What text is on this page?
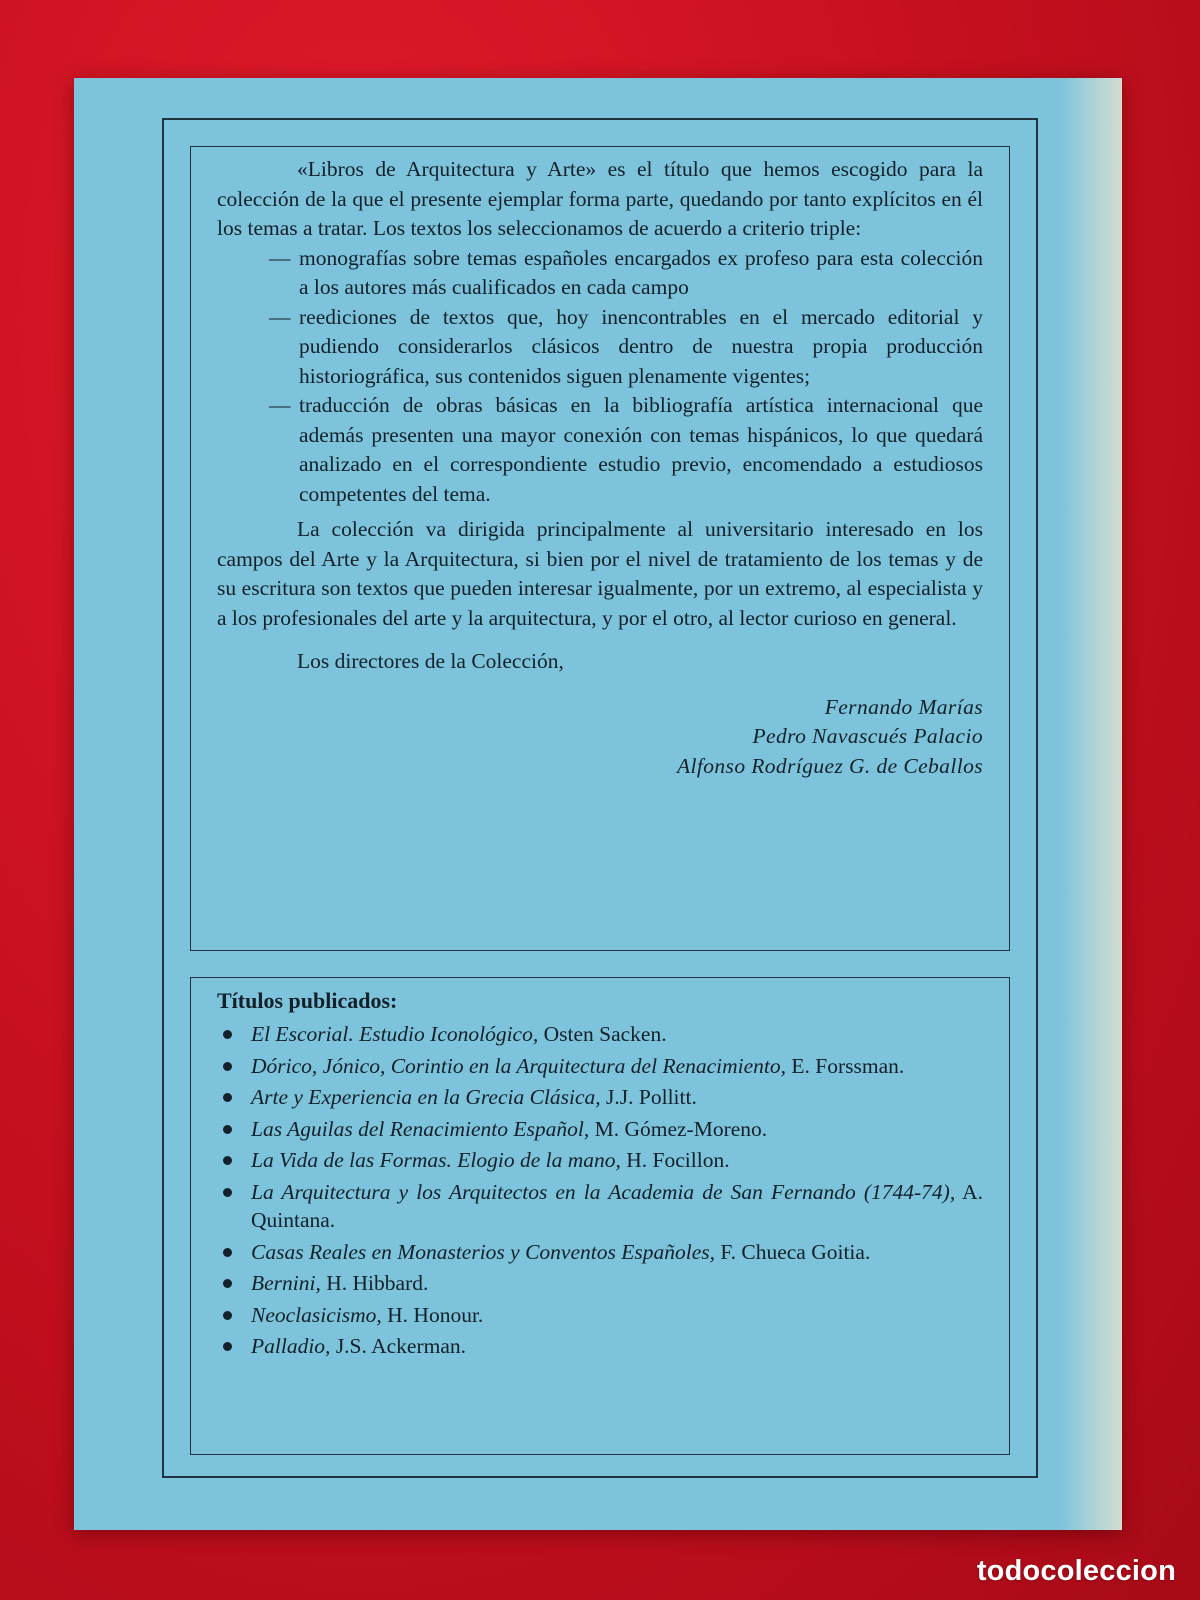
«Libros de Arquitectura y Arte» es el título que hemos escogido para la colección de la que el presente ejemplar forma parte, quedando por tanto explícitos en él los temas a tratar. Los textos los seleccionamos de acuerdo a criterio triple:

— monografías sobre temas españoles encargados ex profeso para esta colección a los autores más cualificados en cada campo
— reediciones de textos que, hoy inencontrables en el mercado editorial y pudiendo considerarlos clásicos dentro de nuestra propia producción historiográfica, sus contenidos siguen plenamente vigentes;
— traducción de obras básicas en la bibliografía artística internacional que además presenten una mayor conexión con temas hispánicos, lo que quedará analizado en el correspondiente estudio previo, encomendado a estudiosos competentes del tema.

La colección va dirigida principalmente al universitario interesado en los campos del Arte y la Arquitectura, si bien por el nivel de tratamiento de los temas y de su escritura son textos que pueden interesar igualmente, por un extremo, al especialista y a los profesionales del arte y la arquitectura, y por el otro, al lector curioso en general.

Los directores de la Colección,

Fernando Marías
Pedro Navascués Palacio
Alfonso Rodríguez G. de Ceballos
Títulos publicados:
El Escorial. Estudio Iconológico, Osten Sacken.
Dórico, Jónico, Corintio en la Arquitectura del Renacimiento, E. Forssman.
Arte y Experiencia en la Grecia Clásica, J.J. Pollitt.
Las Aguilas del Renacimiento Español, M. Gómez-Moreno.
La Vida de las Formas. Elogio de la mano, H. Focillon.
La Arquitectura y los Arquitectos en la Academia de San Fernando (1744-74), A. Quintana.
Casas Reales en Monasterios y Conventos Españoles, F. Chueca Goitia.
Bernini, H. Hibbard.
Neoclasicismo, H. Honour.
Palladio, J.S. Ackerman.
todocoleccion
